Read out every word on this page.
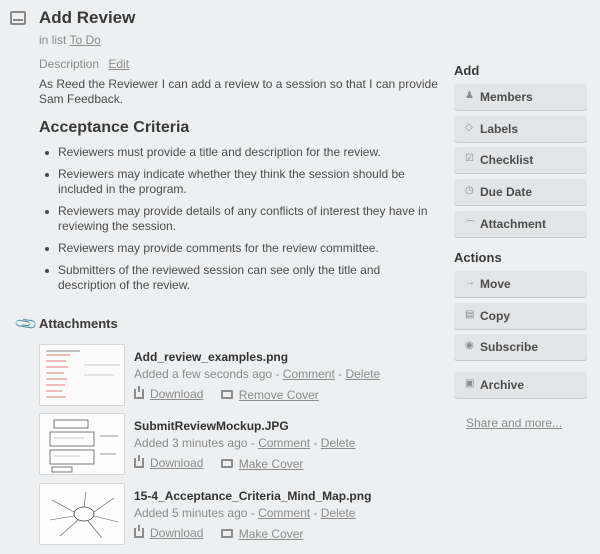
Add Review
in list To Do
Description Edit
As Reed the Reviewer I can add a review to a session so that I can provide Sam Feedback.
Acceptance Criteria
Reviewers must provide a title and description for the review.
Reviewers may indicate whether they think the session should be included in the program.
Reviewers may provide details of any conflicts of interest they have in reviewing the session.
Reviewers may provide comments for the review committee.
Submitters of the reviewed session can see only the title and description of the review.
📎 Attachments
Add_review_examples.png
Added a few seconds ago - Comment - Delete
Download
	Remove Cover
SubmitReviewMockup.JPG
Added 3 minutes ago - Comment - Delete
Download
	Make Cover
15-4_Acceptance_Criteria_Mind_Map.png
Added 5 minutes ago - Comment - Delete
Download
	Make Cover
Add
♟ Members
◇ Labels
☑ Checklist
◷ Due Date
⌒ Attachment
Actions
→ Move
▤ Copy
◉ Subscribe
▣ Archive
Share and more...
